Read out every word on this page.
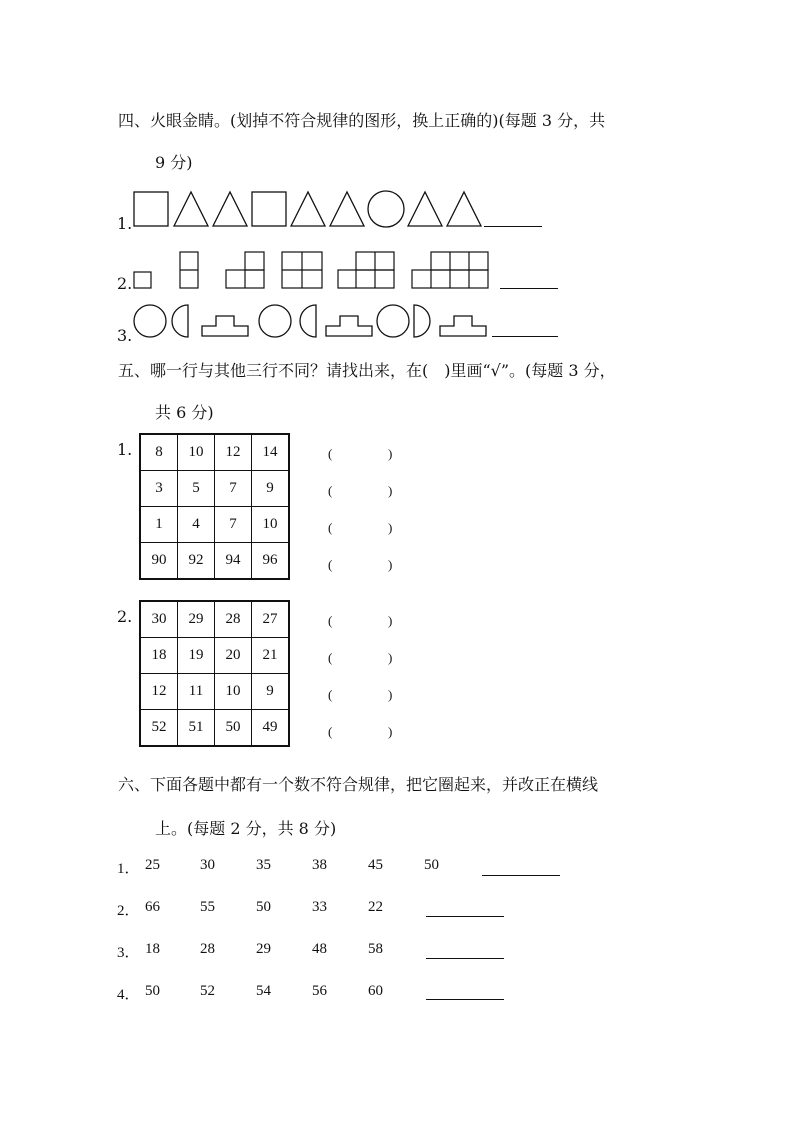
四、火眼金睛。(划掉不符合规律的图形，换上正确的)(每题 3 分，共
9 分)
1.
2.
3.
五、哪一行与其他三行不同？请找出来，在(　)里画“√”。(每题 3 分，
共 6 分)
1. 8	10	12	14
3	5	7	9
1	4	7	10
90	92	94	96
(	)
(	)
(	)
(	)
2. 30	29	28	27
18	19	20	21
12	11	10	9
52	51	50	49
(	)
(	)
(	)
(	)
六、下面各题中都有一个数不符合规律，把它圈起来，并改正在横线
上。(每题 2 分，共 8 分)
1． 25	30	35	38	45	50
2． 66	55	50	33	22
3． 18	28	29	48	58
4． 50	52	54	56	60
